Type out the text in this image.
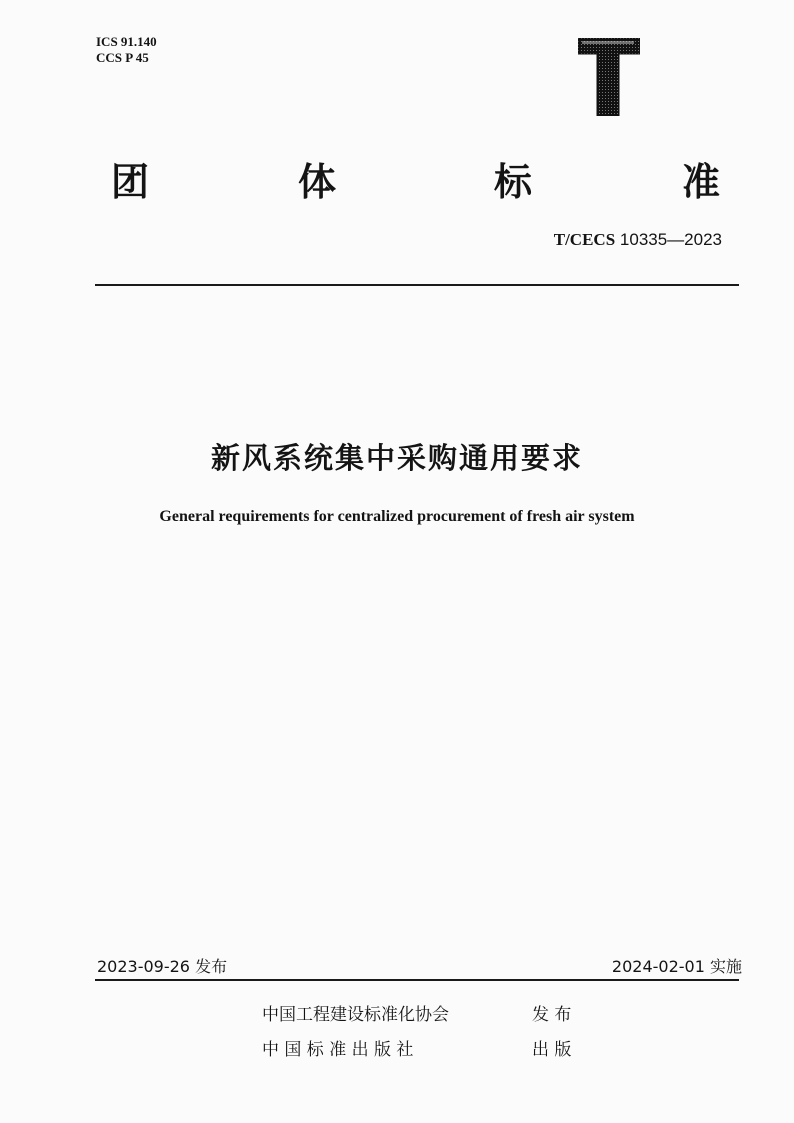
ICS 91.140
CCS P 45
团	体	标	准
T/CECS 10335—2023
新风系统集中采购通用要求
General requirements for centralized procurement of fresh air system
2023-09-26 发布	2024-02-01 实施
中国工程建设标准化协会	发 布
中 国 标 准 出 版 社	出 版
